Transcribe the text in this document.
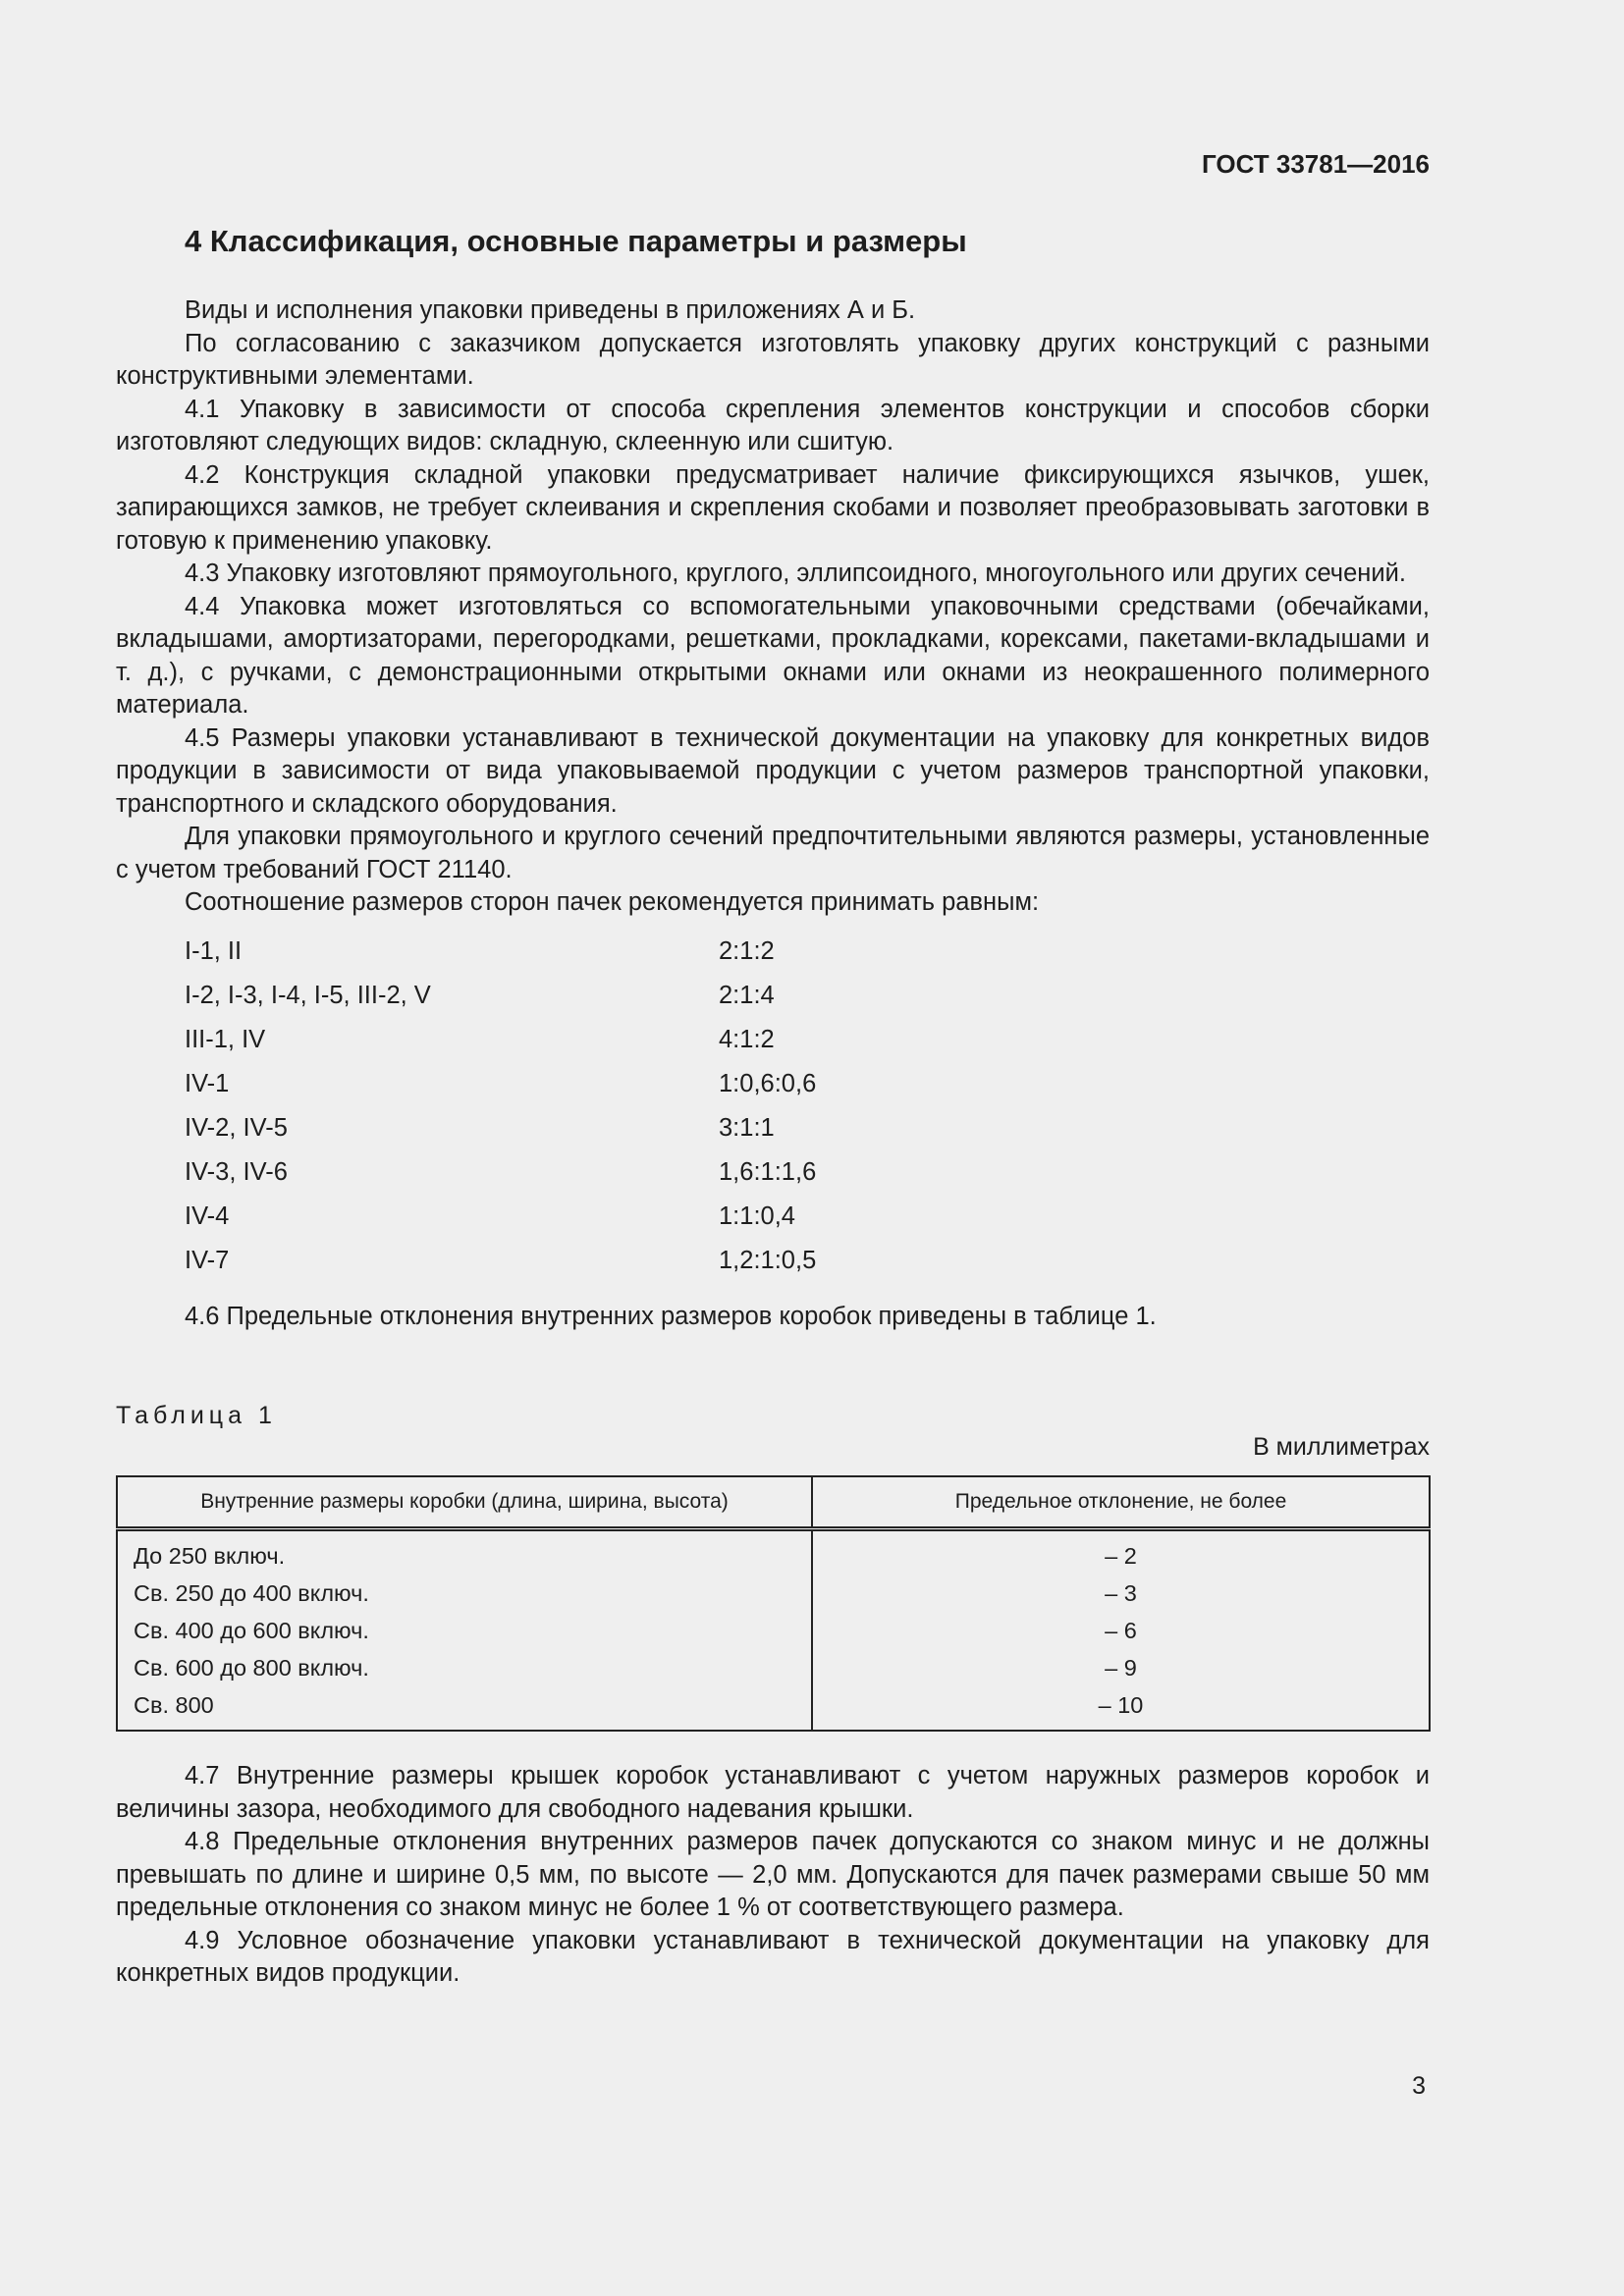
ГОСТ 33781—2016
4 Классификация, основные параметры и размеры

Виды и исполнения упаковки приведены в приложениях А и Б.

По согласованию с заказчиком допускается изготовлять упаковку других конструкций с разными конструктивными элементами.

4.1 Упаковку в зависимости от способа скрепления элементов конструкции и способов сборки изготовляют следующих видов: складную, склеенную или сшитую.

4.2 Конструкция складной упаковки предусматривает наличие фиксирующихся язычков, ушек, запирающихся замков, не требует склеивания и скрепления скобами и позволяет преобразовывать заготовки в готовую к применению упаковку.

4.3 Упаковку изготовляют прямоугольного, круглого, эллипсоидного, многоугольного или других сечений.

4.4 Упаковка может изготовляться со вспомогательными упаковочными средствами (обечайками, вкладышами, амортизаторами, перегородками, решетками, прокладками, корексами, пакетами-вкладышами и т. д.), с ручками, с демонстрационными открытыми окнами или окнами из неокрашенного полимерного материала.

4.5 Размеры упаковки устанавливают в технической документации на упаковку для конкретных видов продукции в зависимости от вида упаковываемой продукции с учетом размеров транспортной упаковки, транспортного и складского оборудования.

Для упаковки прямоугольного и круглого сечений предпочтительными являются размеры, установленные с учетом требований ГОСТ 21140.

Соотношение размеров сторон пачек рекомендуется принимать равным:

I-1, II	2:1:2
I-2, I-3, I-4, I-5, III-2, V	2:1:4
III-1, IV	4:1:2
IV-1	1:0,6:0,6
IV-2, IV-5	3:1:1
IV-3, IV-6	1,6:1:1,6
IV-4	1:1:0,4
IV-7	1,2:1:0,5

4.6 Предельные отклонения внутренних размеров коробок приведены в таблице 1.

Таблица 1
В миллиметрах
Внутренние размеры коробки (длина, ширина, высота)	Предельное отклонение, не более
До 250 включ.	– 2
Св. 250 до 400 включ.	– 3
Св. 400 до 600 включ.	– 6
Св. 600 до 800 включ.	– 9
Св. 800	– 10

4.7 Внутренние размеры крышек коробок устанавливают с учетом наружных размеров коробок и величины зазора, необходимого для свободного надевания крышки.

4.8 Предельные отклонения внутренних размеров пачек допускаются со знаком минус и не должны превышать по длине и ширине 0,5 мм, по высоте — 2,0 мм. Допускаются для пачек размерами свыше 50 мм предельные отклонения со знаком минус не более 1 % от соответствующего размера.

4.9 Условное обозначение упаковки устанавливают в технической документации на упаковку для конкретных видов продукции.

3
